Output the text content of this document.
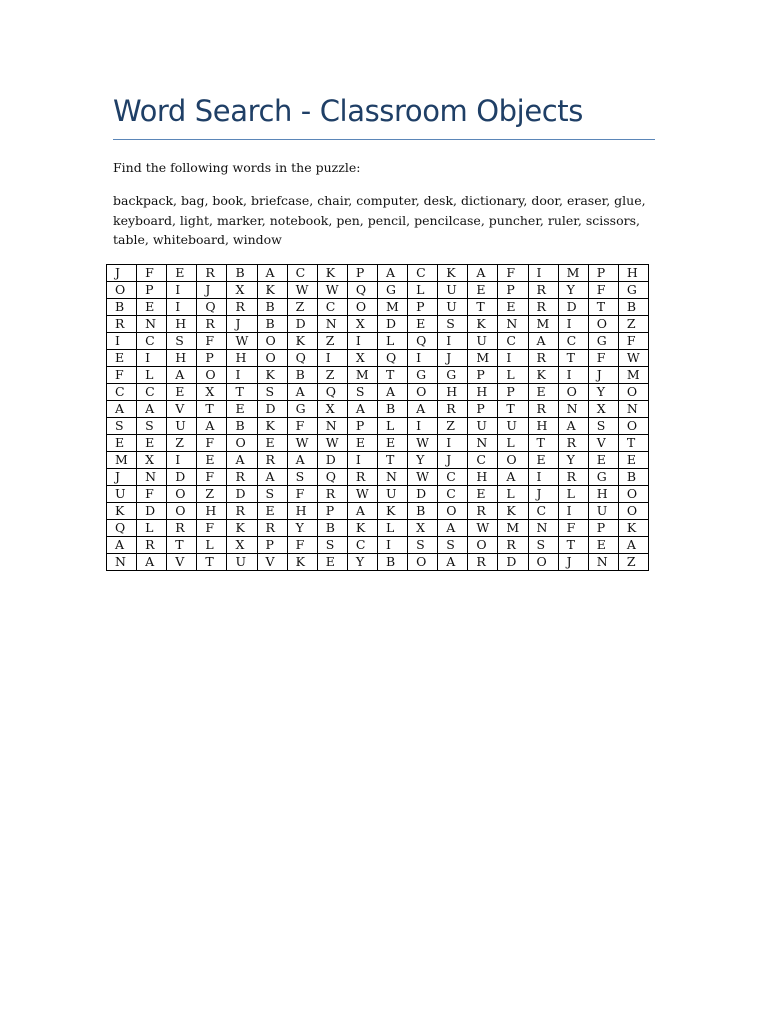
Word Search - Classroom Objects
Find the following words in the puzzle:
backpack, bag, book, briefcase, chair, computer, desk, dictionary, door, eraser, glue, keyboard, light, marker, notebook, pen, pencil, pencilcase, puncher, ruler, scissors, table, whiteboard, window
J	F	E	R	B	A	C	K	P	A	C	K	A	F	I	M	P	H
O	P	I	J	X	K	W	W	Q	G	L	U	E	P	R	Y	F	G
B	E	I	Q	R	B	Z	C	O	M	P	U	T	E	R	D	T	B
R	N	H	R	J	B	D	N	X	D	E	S	K	N	M	I	O	Z
I	C	S	F	W	O	K	Z	I	L	Q	I	U	C	A	C	G	F
E	I	H	P	H	O	Q	I	X	Q	I	J	M	I	R	T	F	W
F	L	A	O	I	K	B	Z	M	T	G	G	P	L	K	I	J	M
C	C	E	X	T	S	A	Q	S	A	O	H	H	P	E	O	Y	O
A	A	V	T	E	D	G	X	A	B	A	R	P	T	R	N	X	N
S	S	U	A	B	K	F	N	P	L	I	Z	U	U	H	A	S	O
E	E	Z	F	O	E	W	W	E	E	W	I	N	L	T	R	V	T
M	X	I	E	A	R	A	D	I	T	Y	J	C	O	E	Y	E	E
J	N	D	F	R	A	S	Q	R	N	W	C	H	A	I	R	G	B
U	F	O	Z	D	S	F	R	W	U	D	C	E	L	J	L	H	O
K	D	O	H	R	E	H	P	A	K	B	O	R	K	C	I	U	O
Q	L	R	F	K	R	Y	B	K	L	X	A	W	M	N	F	P	K
A	R	T	L	X	P	F	S	C	I	S	S	O	R	S	T	E	A
N	A	V	T	U	V	K	E	Y	B	O	A	R	D	O	J	N	Z
